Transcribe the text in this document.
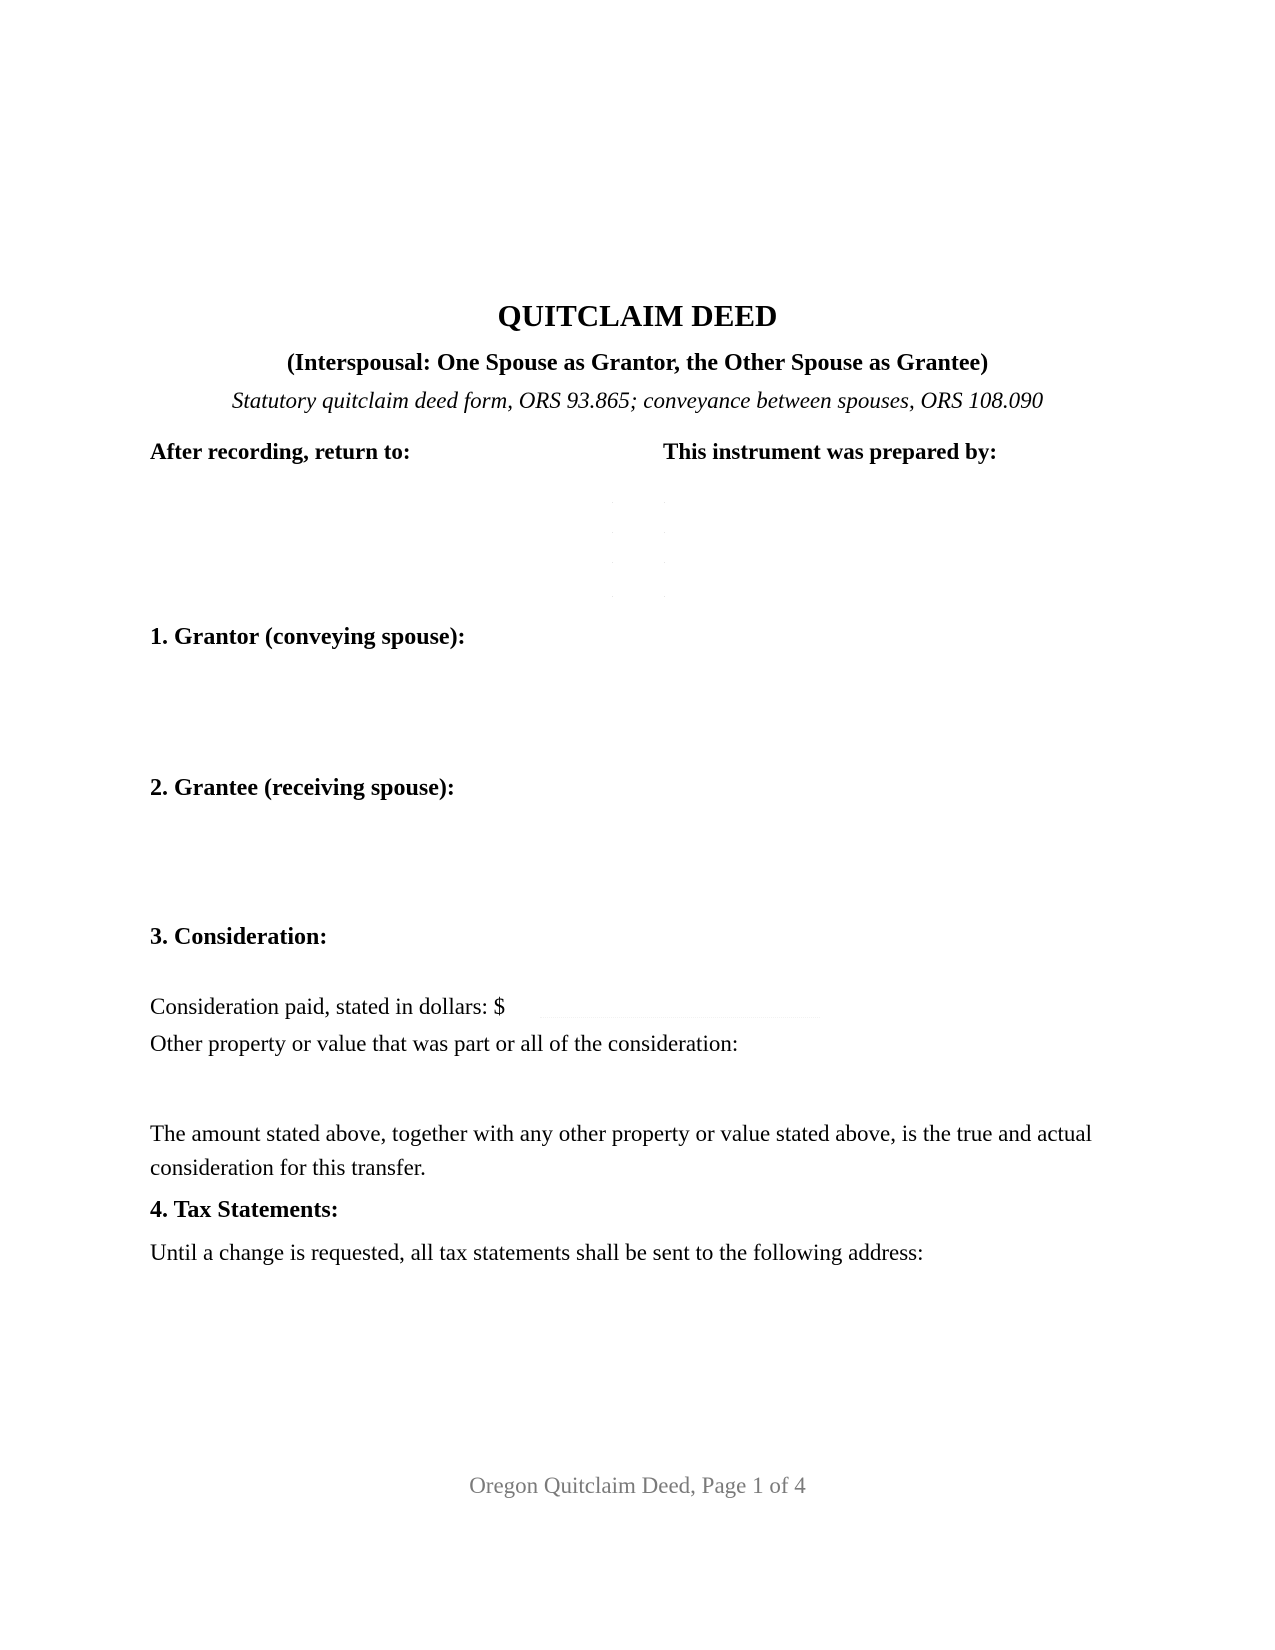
QUITCLAIM DEED
(Interspousal: One Spouse as Grantor, the Other Spouse as Grantee)
Statutory quitclaim deed form, ORS 93.865; conveyance between spouses, ORS 108.090
After recording, return to:	This instrument was prepared by:
1. Grantor (conveying spouse):
2. Grantee (receiving spouse):
3. Consideration:
Consideration paid, stated in dollars: $
Other property or value that was part or all of the consideration:
The amount stated above, together with any other property or value stated above, is the true and actual consideration for this transfer.
4. Tax Statements:
Until a change is requested, all tax statements shall be sent to the following address:
Oregon Quitclaim Deed, Page 1 of 4
